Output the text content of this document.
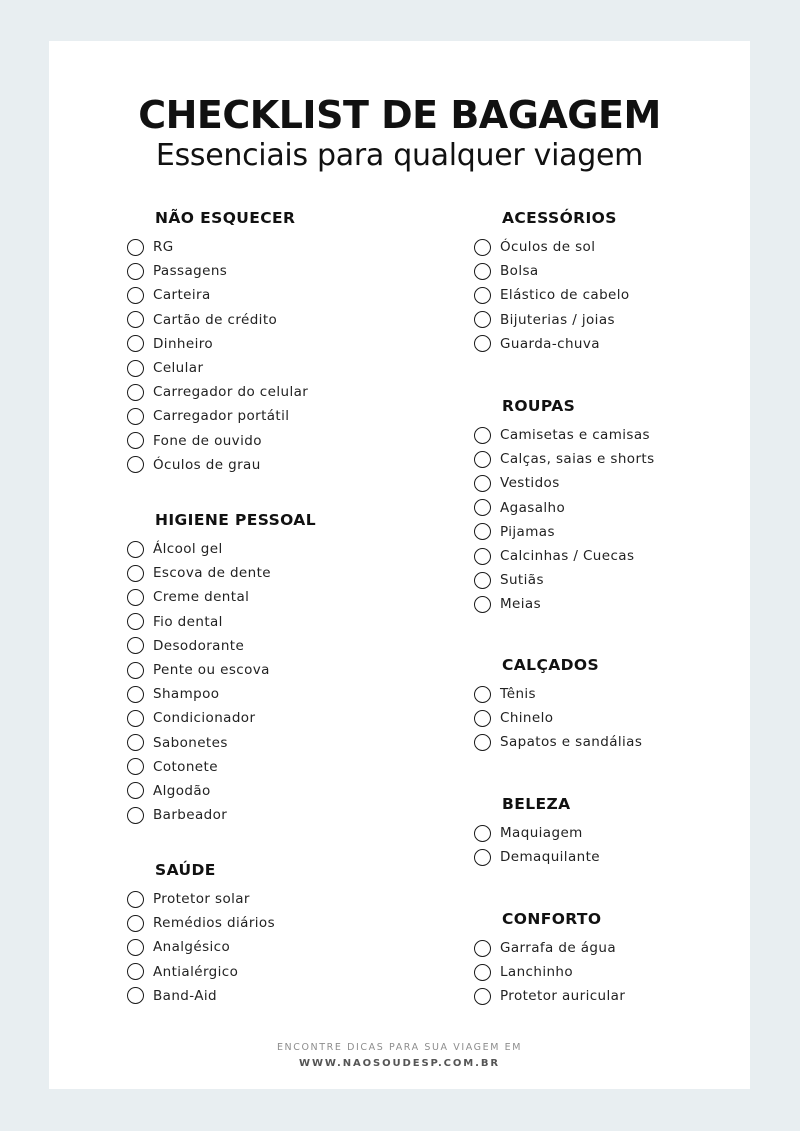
CHECKLIST DE BAGAGEM
Essenciais para qualquer viagem
NÃO ESQUECER
RG
Passagens
Carteira
Cartão de crédito
Dinheiro
Celular
Carregador do celular
Carregador portátil
Fone de ouvido
Óculos de grau
HIGIENE PESSOAL
Álcool gel
Escova de dente
Creme dental
Fio dental
Desodorante
Pente ou escova
Shampoo
Condicionador
Sabonetes
Cotonete
Algodão
Barbeador
SAÚDE
Protetor solar
Remédios diários
Analgésico
Antialérgico
Band-Aid
ACESSÓRIOS
Óculos de sol
Bolsa
Elástico de cabelo
Bijuterias / joias
Guarda-chuva
ROUPAS
Camisetas e camisas
Calças, saias e shorts
Vestidos
Agasalho
Pijamas
Calcinhas / Cuecas
Sutiãs
Meias
CALÇADOS
Tênis
Chinelo
Sapatos e sandálias
BELEZA
Maquiagem
Demaquilante
CONFORTO
Garrafa de água
Lanchinho
Protetor auricular
ENCONTRE DICAS PARA SUA VIAGEM EM
WWW.NAOSOUDESP.COM.BR
